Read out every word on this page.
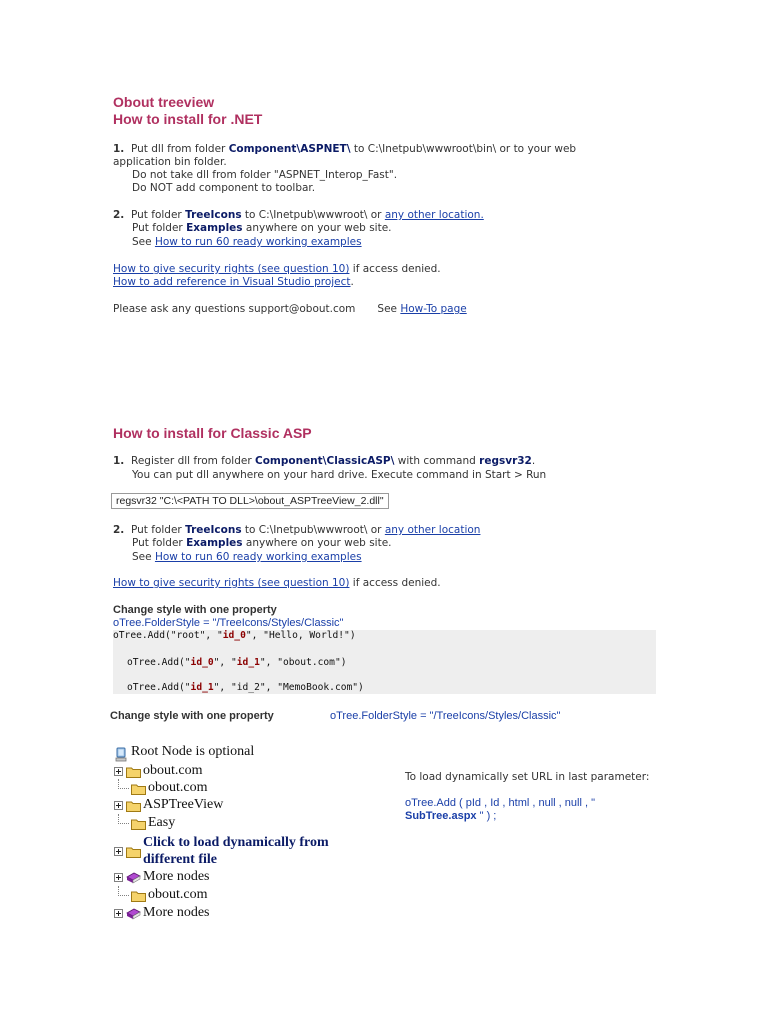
Obout treeview
How to install for .NET
1. Put dll from folder Component\ASPNET\ to C:\Inetpub\wwwroot\bin\ or to your web
application bin folder.
Do not take dll from folder "ASPNET_Interop_Fast".
Do NOT add component to toolbar.
2. Put folder TreeIcons to C:\Inetpub\wwwroot\ or any other location.
Put folder Examples anywhere on your web site.
See How to run 60 ready working examples
How to give security rights (see question 10) if access denied.
How to add reference in Visual Studio project.
Please ask any questions support@obout.com See How-To page
How to install for Classic ASP
1. Register dll from folder Component\ClassicASP\ with command regsvr32.
You can put dll anywhere on your hard drive. Execute command in Start > Run
regsvr32 "C:\<PATH TO DLL>\obout_ASPTreeView_2.dll"
2. Put folder TreeIcons to C:\Inetpub\wwwroot\ or any other location
Put folder Examples anywhere on your web site.
See How to run 60 ready working examples
How to give security rights (see question 10) if access denied.
Change style with one property
oTree.FolderStyle = "/TreeIcons/Styles/Classic"
oTree.Add("root", "id_0", "Hello, World!")
oTree.Add("id_0", "id_1", "obout.com")
oTree.Add("id_1", "id_2", "MemoBook.com")
Change style with one property	oTree.FolderStyle = "/TreeIcons/Styles/Classic"
Root Node is optional
obout.com
obout.com
ASPTreeView
Easy
Click to load dynamically from
different file
More nodes
obout.com
More nodes
To load dynamically set URL in last parameter:
oTree.Add ( pId , Id , html , null , null , "
SubTree.aspx " ) ;
